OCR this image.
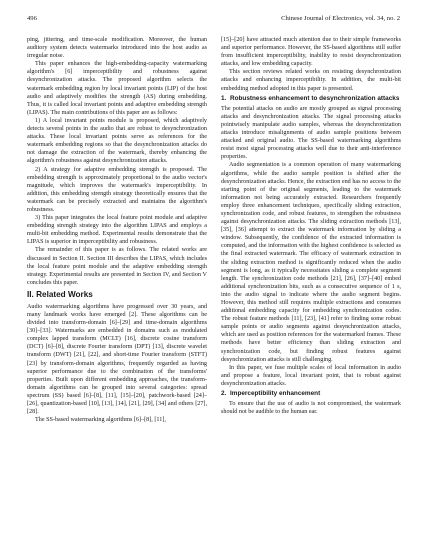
496	Chinese Journal of Electronics, vol. 34, no. 2

ping, jittering, and time-scale modification. Moreover, the human auditory system detects watermarks introduced into the host audio as irregular noise.

This paper enhances the high-embedding-capacity watermarking algorithm's [6] imperceptibility and robustness against desynchronization attacks. The proposed algorithm selects the watermark embedding region by local invariant points (LIP) of the host audio and adaptively modifies the strength (AS) during embedding. Thus, it is called local invariant points and adaptive embedding strength (LIPAS). The main contributions of this paper are as follows:

1) A local invariant points module is proposed, which adaptively detects several points in the audio that are robust to desynchronization attacks. These local invariant points serve as references for the watermark embedding regions so that the desynchronization attacks do not damage the extraction of the watermark, thereby enhancing the algorithm's robustness against desynchronization attacks.

2) A strategy for adaptive embedding strength is proposed. The embedding strength is approximately proportional to the audio vector's magnitude, which improves the watermark's imperceptibility. In addition, this embedding strength strategy theoretically ensures that the watermark can be precisely extracted and maintains the algorithm's robustness.

3) This paper integrates the local feature point module and adaptive embedding strength strategy into the algorithm LIPAS and employs a multi-bit embedding method. Experimental results demonstrate that the LIPAS is superior in imperceptibility and robustness.

The remainder of this paper is as follows. The related works are discussed in Section II. Section III describes the LIPAS, which includes the local feature point module and the adaptive embedding strength strategy. Experimental results are presented in Section IV, and Section V concludes this paper.

II. Related Works

Audio watermarking algorithms have progressed over 30 years, and many landmark works have emerged [2]. These algorithms can be divided into transform-domain [6]–[29] and time-domain algorithms [30]–[33]. Watermarks are embedded in domains such as modulated complex lapped transform (MCLT) [16], discrete cosine transform (DCT) [6]–[8], discrete Fourier transform (DPT) [13], discrete wavelet transform (DWT) [21], [22], and short-time Fourier transform (STFT) [23] by transform-domain algorithms, frequently regarded as having superior performance due to the combination of the transforms' properties. Built upon different embedding approaches, the transform-domain algorithms can be grouped into several categories: spread spectrum (SS) based [6]–[8], [11], [15]–[20], patchwork-based [24]–[26], quantization-based [10], [13], [14], [21], [29], [34] and others [27], [28].

The SS-based watermarking algorithms [6]–[8], [11],

[15]–[20] have attracted much attention due to their simple frameworks and superior performance. However, the SS-based algorithms still suffer from insufficient imperceptibility, inability to resist desynchronization attacks, and low embedding capacity.

This section reviews related works on resisting desynchronization attacks and enhancing imperceptibility. In addition, the multi-bit embedding method adopted in this paper is presented.

1. Robustness enhancement to desynchronization attacks

The potential attacks on audio are mostly grouped as signal processing attacks and desynchronization attacks. The signal processing attacks pointwisely manipulate audio samples, whereas the desynchronization attacks introduce misalignments of audio sample positions between attacked and original audio. The SS-based watermarking algorithms resist most signal processing attacks well due to their anti-interference properties.

Audio segmentation is a common operation of many watermarking algorithms, while the audio sample position is shifted after the desynchronization attacks. Hence, the extraction end has no access to the starting point of the original segments, leading to the watermark information not being accurately extracted. Researchers frequently employ three enhancement techniques, specifically sliding extraction, synchronization code, and robust features, to strengthen the robustness against desynchronization attacks. The sliding extraction methods [13], [35], [36] attempt to extract the watermark information by sliding a window. Subsequently, the confidence of the extracted information is computed, and the information with the highest confidence is selected as the final extracted watermark. The efficacy of watermark extraction in the sliding extraction method is significantly reduced when the audio segment is long, as it typically necessitates sliding a complete segment length. The synchronization code methods [21], [26], [37]–[40] embed additional synchronization bits, such as a consecutive sequence of 1 s, into the audio signal to indicate where the audio segment begins. However, this method still requires multiple extractions and consumes additional embedding capacity for embedding synchronization codes. The robust feature methods [11], [23], [41] refer to finding some robust sample points or audio segments against desynchronization attacks, which are used as position references for the watermarked frames. These methods have better efficiency than sliding extraction and synchronization code, but finding robust features against desynchronization attacks is still challenging.

In this paper, we fuse multiple scales of local information in audio and propose a feature, local invariant point, that is robust against desynchronization attacks.

2. Imperceptibility enhancement

To ensure that the use of audio is not compromised, the watermark should not be audible to the human ear.
